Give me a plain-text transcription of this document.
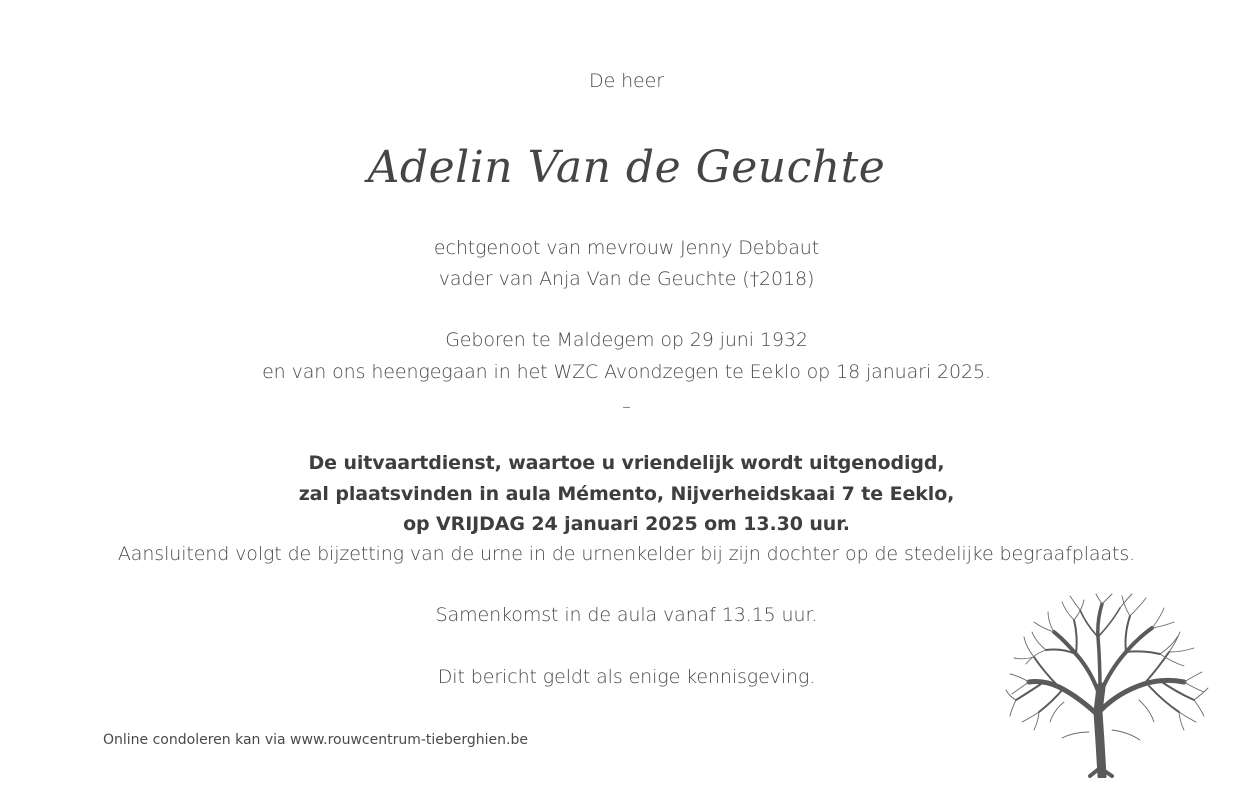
De heer
Adelin Van de Geuchte
echtgenoot van mevrouw Jenny Debbaut
vader van Anja Van de Geuchte (†2018)
Geboren te Maldegem op 29 juni 1932
en van ons heengegaan in het WZC Avondzegen te Eeklo op 18 januari 2025.
–
De uitvaartdienst, waartoe u vriendelijk wordt uitgenodigd,
zal plaatsvinden in aula Mémento, Nijverheidskaai 7 te Eeklo,
op VRIJDAG 24 januari 2025 om 13.30 uur.
Aansluitend volgt de bijzetting van de urne in de urnenkelder bij zijn dochter op de stedelijke begraafplaats.
Samenkomst in de aula vanaf 13.15 uur.
Dit bericht geldt als enige kennisgeving.
Online condoleren kan via www.rouwcentrum-tieberghien.be
